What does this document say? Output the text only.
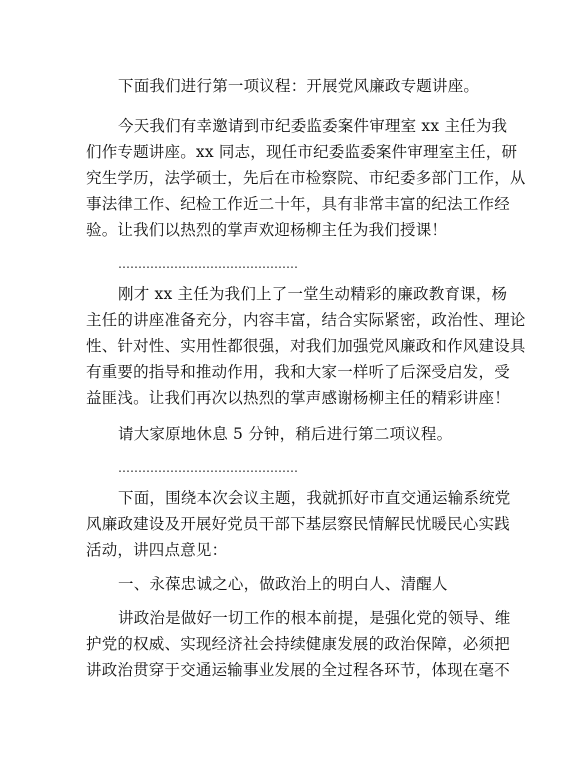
下面我们进行第一项议程：开展党风廉政专题讲座。
今天我们有幸邀请到市纪委监委案件审理室 xx 主任为我
们作专题讲座。xx 同志，现任市纪委监委案件审理室主任，研
究生学历，法学硕士，先后在市检察院、市纪委多部门工作，从
事法律工作、纪检工作近二十年，具有非常丰富的纪法工作经
验。让我们以热烈的掌声欢迎杨柳主任为我们授课！
………………………………………
刚才 xx 主任为我们上了一堂生动精彩的廉政教育课，杨
主任的讲座准备充分，内容丰富，结合实际紧密，政治性、理论
性、针对性、实用性都很强，对我们加强党风廉政和作风建设具
有重要的指导和推动作用，我和大家一样听了后深受启发，受
益匪浅。让我们再次以热烈的掌声感谢杨柳主任的精彩讲座！
请大家原地休息 5 分钟，稍后进行第二项议程。
………………………………………
下面，围绕本次会议主题，我就抓好市直交通运输系统党
风廉政建设及开展好党员干部下基层察民情解民忧暖民心实践
活动，讲四点意见：
一、永葆忠诚之心，做政治上的明白人、清醒人
讲政治是做好一切工作的根本前提，是强化党的领导、维
护党的权威、实现经济社会持续健康发展的政治保障，必须把
讲政治贯穿于交通运输事业发展的全过程各环节，体现在毫不
